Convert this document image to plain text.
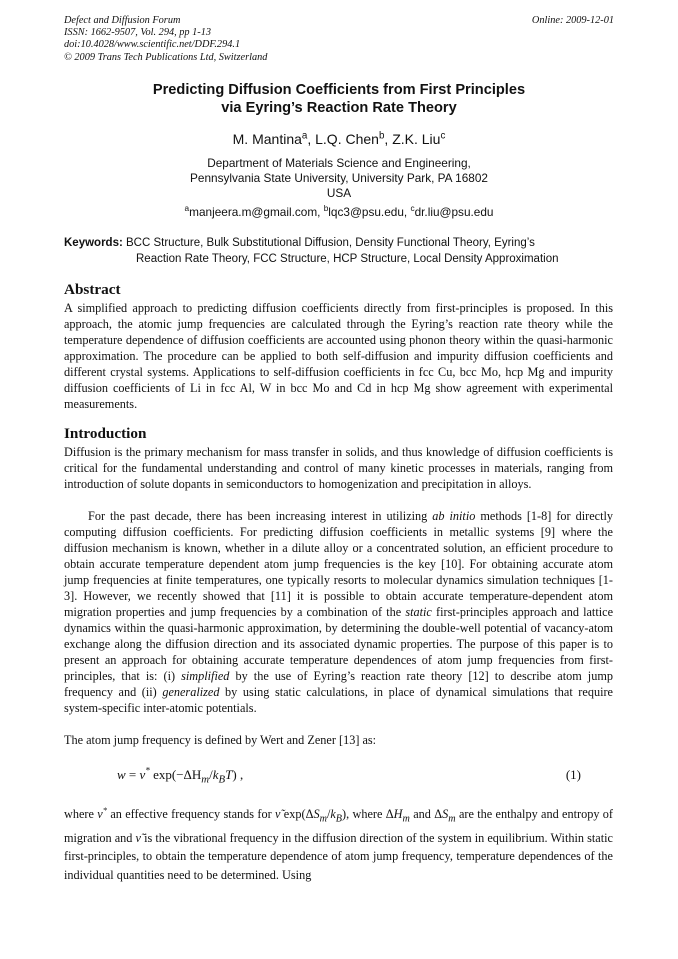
Defect and Diffusion Forum
ISSN: 1662-9507, Vol. 294, pp 1-13
doi:10.4028/www.scientific.net/DDF.294.1
© 2009 Trans Tech Publications Ltd, Switzerland
Online: 2009-12-01
Predicting Diffusion Coefficients from First Principles
via Eyring’s Reaction Rate Theory
M. Mantina$^a$, L.Q. Chen$^b$, Z.K. Liu$^c$
Department of Materials Science and Engineering,
Pennsylvania State University, University Park, PA 16802
USA
$^a$manjeera.m@gmail.com, $^b$lqc3@psu.edu, $^c$dr.liu@psu.edu
Keywords: BCC Structure, Bulk Substitutional Diffusion, Density Functional Theory, Eyring’s
Reaction Rate Theory, FCC Structure, HCP Structure, Local Density Approximation
Abstract

A simplified approach to predicting diffusion coefficients directly from first-principles is proposed. In this approach, the atomic jump frequencies are calculated through the Eyring’s reaction rate theory while the temperature dependence of diffusion coefficients are accounted using phonon theory within the quasi-harmonic approximation. The procedure can be applied to both self-diffusion and impurity diffusion coefficients and different crystal systems. Applications to self-diffusion coefficients in fcc Cu, bcc Mo, hcp Mg and impurity diffusion coefficients of Li in fcc Al, W in bcc Mo and Cd in hcp Mg show agreement with experimental measurements.

Introduction

Diffusion is the primary mechanism for mass transfer in solids, and thus knowledge of diffusion coefficients is critical for the fundamental understanding and control of many kinetic processes in materials, ranging from introduction of solute dopants in semiconductors to homogenization and precipitation in alloys.

For the past decade, there has been increasing interest in utilizing ab initio methods [1-8] for directly computing diffusion coefficients. For predicting diffusion coefficients in metallic systems [9] where the diffusion mechanism is known, whether in a dilute alloy or a concentrated solution, an efficient procedure to obtain accurate temperature dependent atom jump frequencies is the key [10]. For obtaining accurate atom jump frequencies at finite temperatures, one typically resorts to molecular dynamics simulation techniques [1-3]. However, we recently showed that [11] it is possible to obtain accurate temperature-dependent atom migration properties and jump frequencies by a combination of the static first-principles approach and lattice dynamics within the quasi-harmonic approximation, by determining the double-well potential of vacancy-atom exchange along the diffusion direction and its associated dynamic properties. The purpose of this paper is to present an approach for obtaining accurate temperature dependences of atom jump frequencies from first-principles, that is: (i) simplified by the use of Eyring’s reaction rate theory [12] to describe atom jump frequency and (ii) generalized by using static calculations, in place of dynamical simulations that require system-specific inter-atomic potentials.

The atom jump frequency is defined by Wert and Zener [13] as:

w = ν* $\exp(-\Delta H_m/k_BT)$ ,	(1)

where ν* an effective frequency stands for ν̃ $\exp(\Delta S_m/k_B)$, where $\Delta H_m$ and $\Delta S_m$ are the enthalpy and entropy of migration and ν̃ is the vibrational frequency in the diffusion direction of the system in equilibrium. Within static first-principles, to obtain the temperature dependence of atom jump frequency, temperature dependences of the individual quantities need to be determined. Using
